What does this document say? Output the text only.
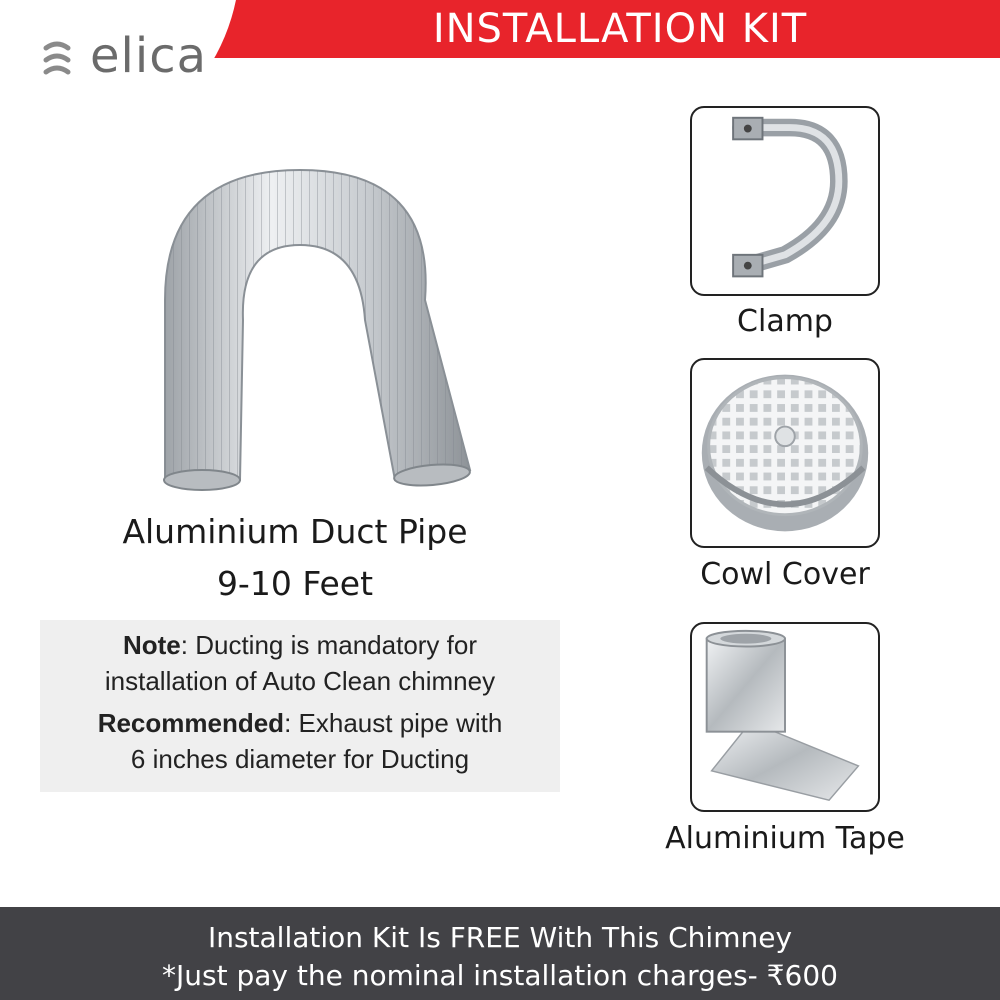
INSTALLATION KIT
elica
Aluminium Duct Pipe
9-10 Feet
Note: Ducting is mandatory for
installation of Auto Clean chimney
Recommended: Exhaust pipe with
6 inches diameter for Ducting
Clamp
Cowl Cover
Aluminium Tape
Installation Kit Is FREE With This Chimney
*Just pay the nominal installation charges- ₹600
